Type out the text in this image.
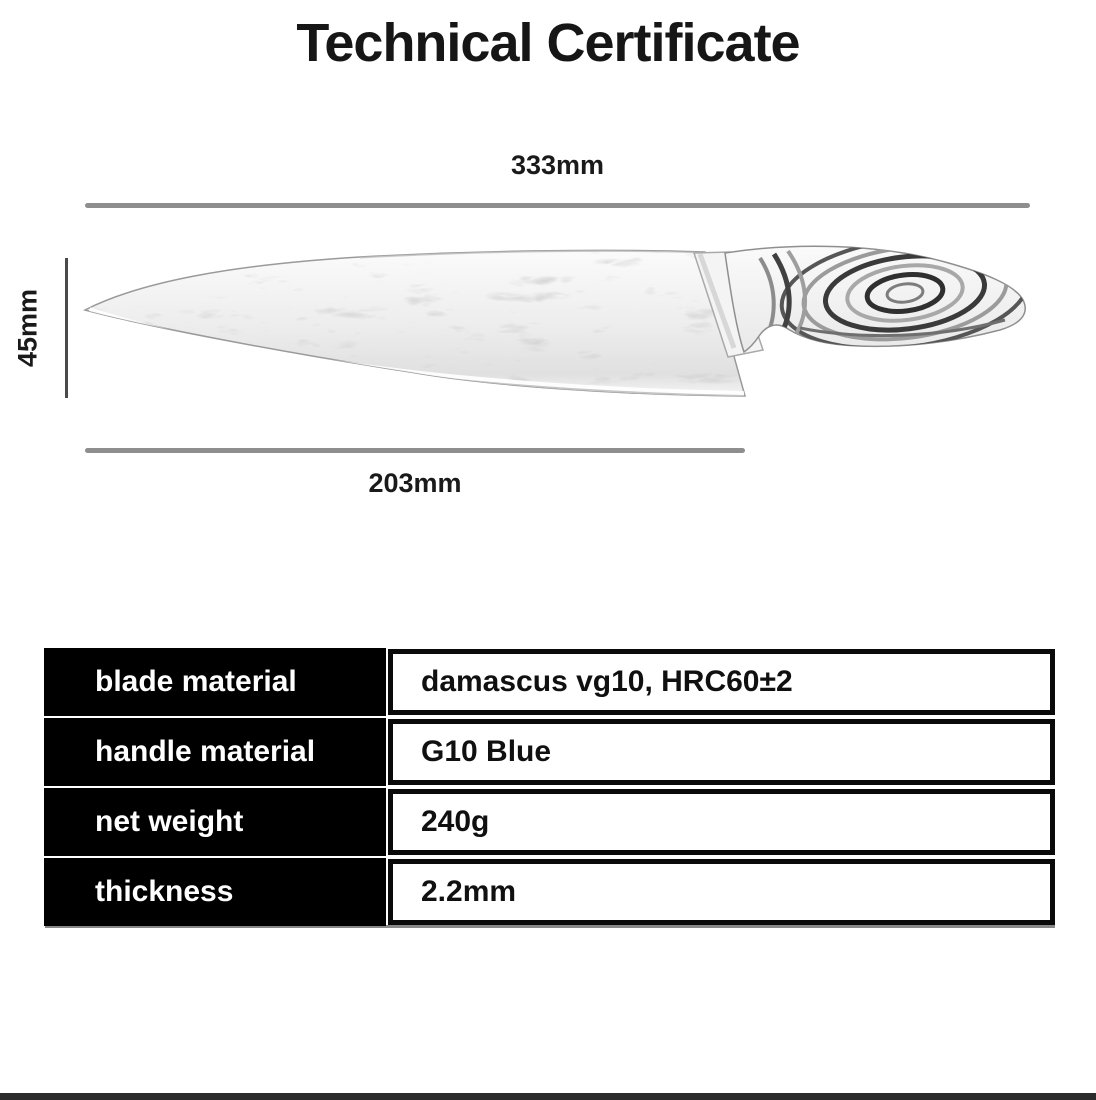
Technical Certificate
333mm
45mm
203mm
blade material	damascus vg10, HRC60±2
handle material	G10 Blue
net weight	240g
thickness	2.2mm
